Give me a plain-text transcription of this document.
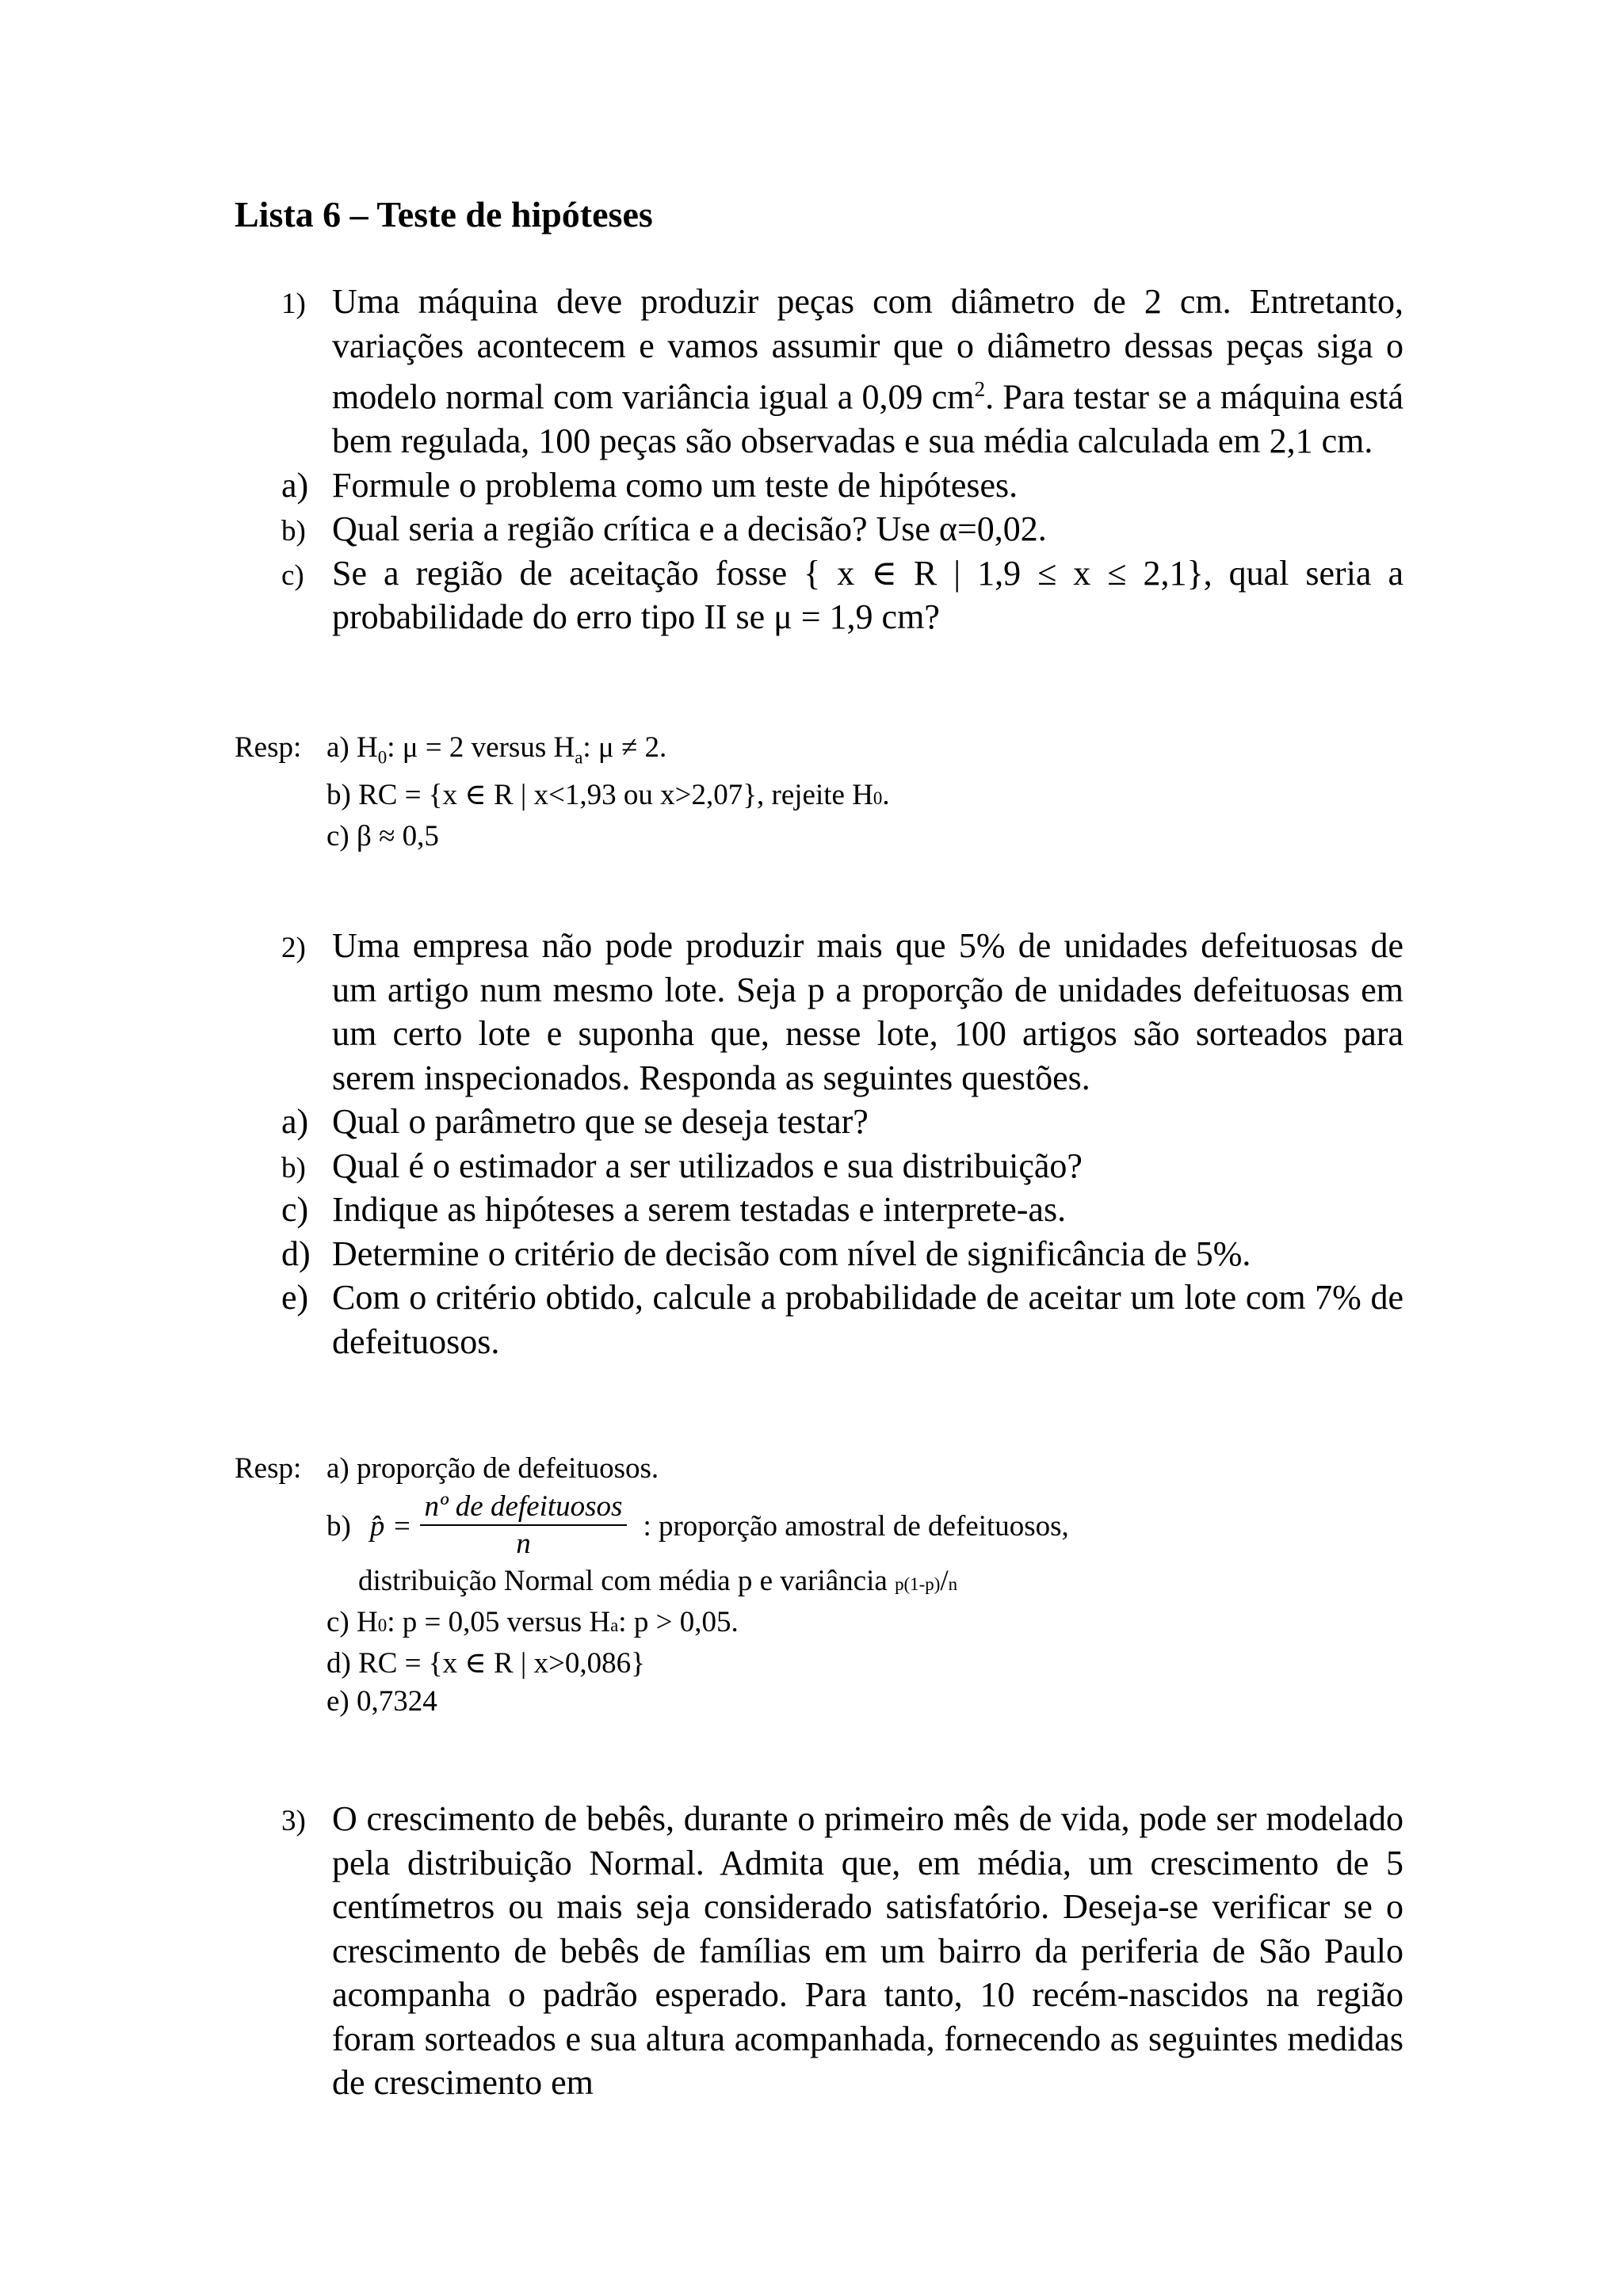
Lista 6 – Teste de hipóteses
1) Uma máquina deve produzir peças com diâmetro de 2 cm. Entretanto, variações acontecem e vamos assumir que o diâmetro dessas peças siga o modelo normal com variância igual a 0,09 $cm^2$. Para testar se a máquina está bem regulada, 100 peças são observadas e sua média calculada em 2,1 cm.
a) Formule o problema como um teste de hipóteses.
b) Qual seria a região crítica e a decisão? Use α=0,02.
c) Se a região de aceitação fosse { x ∈ R | 1,9 ≤ x ≤ 2,1}, qual seria a probabilidade do erro tipo II se μ = 1,9 cm?
Resp: a) $H_0$: μ = 2 versus $H_a$: μ ≠ 2.
b) RC = {x ∈ R | x<1,93 ou x>2,07}, rejeite H 0 .
c) β ≈ 0,5
2) Uma empresa não pode produzir mais que 5% de unidades defeituosas de um artigo num mesmo lote. Seja p a proporção de unidades defeituosas em um certo lote e suponha que, nesse lote, 100 artigos são sorteados para serem inspecionados. Responda as seguintes questões.
a) Qual o parâmetro que se deseja testar?
b) Qual é o estimador a ser utilizados e sua distribuição?
c) Indique as hipóteses a serem testadas e interprete-as.
d) Determine o critério de decisão com nível de significância de 5%.
e) Com o critério obtido, calcule a probabilidade de aceitar um lote com 7% de defeituosos.
Resp: a) proporção de defeituosos.
b) p̂ = $\frac{\text{nº de defeituosos}}{n}$ : proporção amostral de defeituosos,
distribuição Normal com média p e variância p(1-p) / n
c) H 0 : p = 0,05 versus H a : p > 0,05.
d) RC = {x ∈ R | x>0,086}
e) 0,7324
3) O crescimento de bebês, durante o primeiro mês de vida, pode ser modelado pela distribuição Normal. Admita que, em média, um crescimento de 5 centímetros ou mais seja considerado satisfatório. Deseja-se verificar se o crescimento de bebês de famílias em um bairro da periferia de São Paulo acompanha o padrão esperado. Para tanto, 10 recém-nascidos na região foram sorteados e sua altura acompanhada, fornecendo as seguintes medidas de crescimento em
